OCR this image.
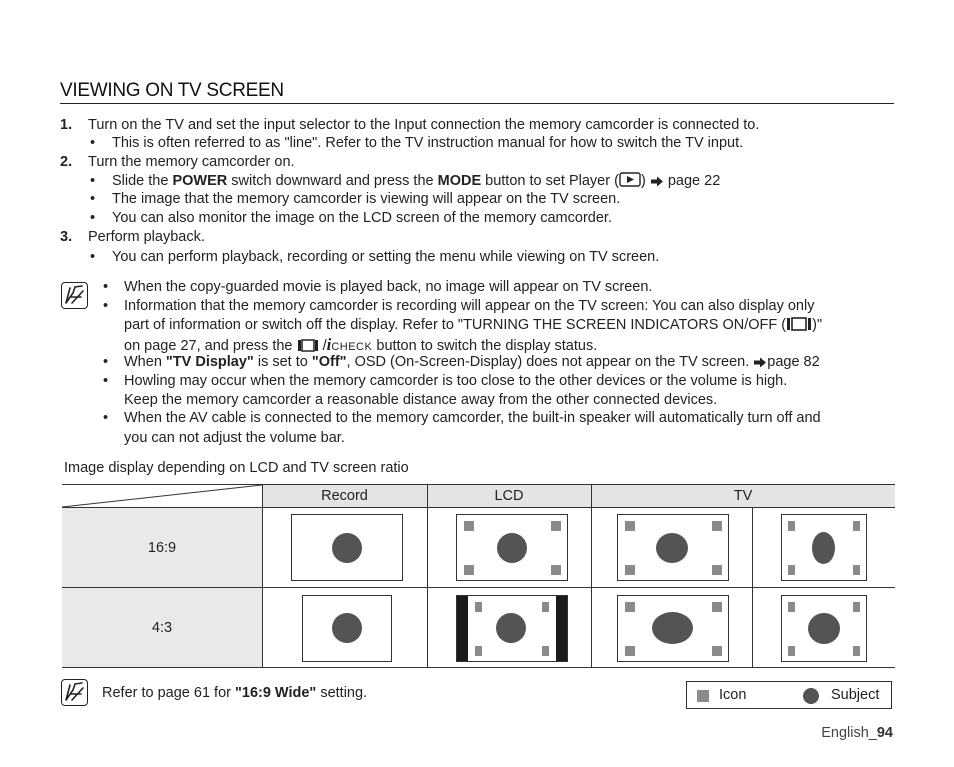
VIEWING ON TV SCREEN
1. Turn on the TV and set the input selector to the Input connection the memory camcorder is connected to.
• This is often referred to as "line". Refer to the TV instruction manual for how to switch the TV input.
2. Turn the memory camcorder on.
• Slide the POWER switch downward and press the MODE button to set Player ( ) page 22
• The image that the memory camcorder is viewing will appear on the TV screen.
• You can also monitor the image on the LCD screen of the memory camcorder.
3. Perform playback.
• You can perform playback, recording or setting the menu while viewing on TV screen.
• When the copy-guarded movie is played back, no image will appear on TV screen.
• Information that the memory camcorder is recording will appear on the TV screen: You can also display only
part of information or switch off the display. Refer to "TURNING THE SCREEN INDICATORS ON/OFF ( )"
on page 27, and press the /iCHECK button to switch the display status.
• When "TV Display" is set to "Off", OSD (On-Screen-Display) does not appear on the TV screen. page 82
• Howling may occur when the memory camcorder is too close to the other devices or the volume is high.
Keep the memory camcorder a reasonable distance away from the other connected devices.
• When the AV cable is connected to the memory camcorder, the built-in speaker will automatically turn off and
you can not adjust the volume bar.
Image display depending on LCD and TV screen ratio
Record	LCD	TV
16:9
4:3
Refer to page 61 for "16:9 Wide" setting.	Icon	Subject
English_94
